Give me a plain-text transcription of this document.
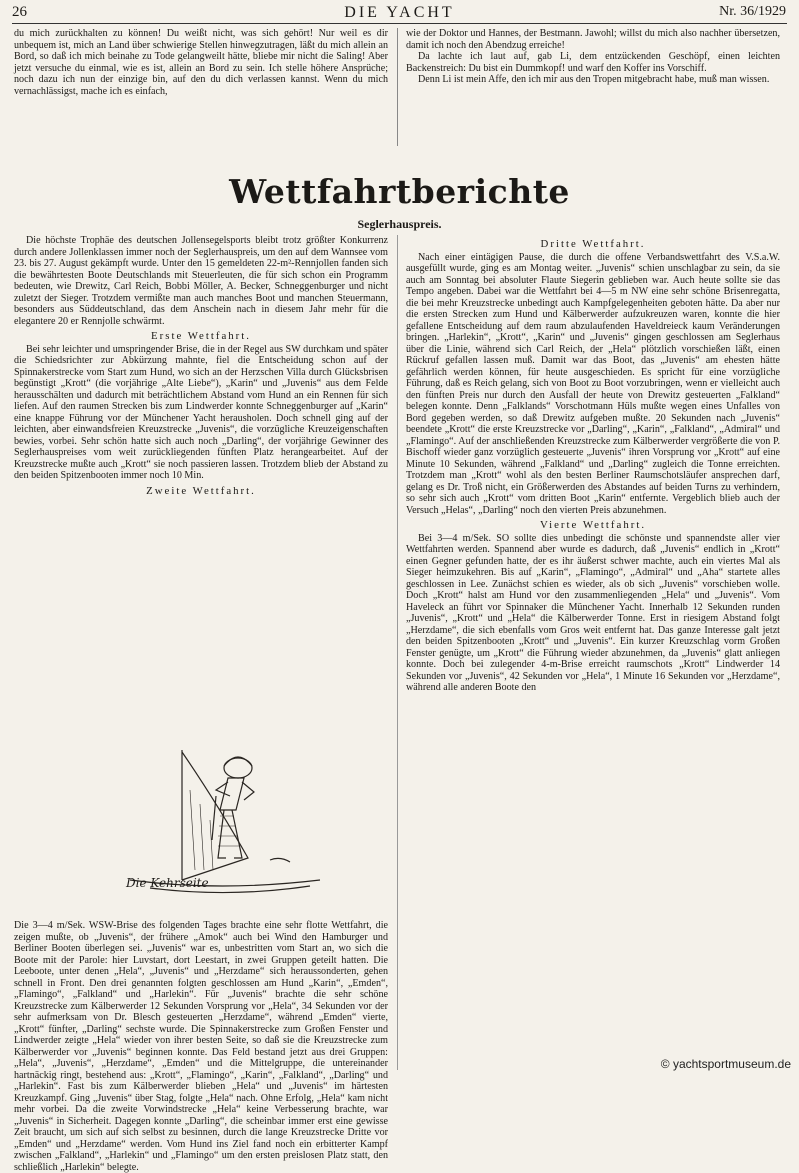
26	DIE YACHT	Nr. 36/1929

du mich zurückhalten zu können! Du weißt nicht, was sich gehört! Nur weil es dir unbequem ist, mich an Land über schwierige Stellen hinwegzutragen, läßt du mich allein an Bord, so daß ich mich beinahe zu Tode gelangweilt hätte, bliebe mir nicht die Saling! Aber jetzt versuche du einmal, wie es ist, allein an Bord zu sein. Ich stelle höhere Ansprüche; noch dazu ich nun der einzige bin, auf den du dich verlassen kannst. Wenn du mich vernachlässigst, mache ich es einfach,

wie der Doktor und Hannes, der Bestmann. Jawohl; willst du mich also nachher übersetzen, damit ich noch den Abendzug erreiche!

Da lachte ich laut auf, gab Li, dem entzückenden Geschöpf, einen leichten Backenstreich: Du bist ein Dummkopf! und warf den Koffer ins Vorschiff.

Denn Li ist mein Affe, den ich mir aus den Tropen mitgebracht habe, muß man wissen.

Wettfahrtberichte
Seglerhauspreis.

Die höchste Trophäe des deutschen Jollensegelsports bleibt trotz größter Konkurrenz durch andere Jollenklassen immer noch der Seglerhauspreis, um den auf dem Wannsee vom 23. bis 27. August gekämpft wurde. Unter den 15 gemeldeten 22-m²-Rennjollen fanden sich die bewährtesten Boote Deutschlands mit Steuerleuten, die für sich schon ein Programm bedeuten, wie Drewitz, Carl Reich, Bobbi Möller, A. Becker, Schneggenburger und nicht zuletzt der Sieger. Trotzdem vermißte man auch manches Boot und manchen Steuermann, besonders aus Süddeutschland, das dem Anschein nach in diesem Jahr mehr für die elegantere 20 er Rennjolle schwärmt.

Erste Wettfahrt.

Bei sehr leichter und umspringender Brise, die in der Regel aus SW durchkam und später die Schiedsrichter zur Abkürzung mahnte, fiel die Entscheidung schon auf der Spinnakerstrecke vom Start zum Hund, wo sich an der Herzschen Villa durch Glücksbrisen begünstigt „Krott“ (die vorjährige „Alte Liebe“), „Karin“ und „Juvenis“ aus dem Felde herausschälten und dadurch mit beträchtlichem Abstand vom Hund an ein Rennen für sich liefen. Auf den raumen Strecken bis zum Lindwerder konnte Schneggenburger auf „Karin“ eine knappe Führung vor der Münchener Yacht herausholen. Doch schnell ging auf der leichten, aber einwandsfreien Kreuzstrecke „Juvenis“, die vorzügliche Kreuzeigenschaften bewies, vorbei. Sehr schön hatte sich auch noch „Darling“, der vorjährige Gewinner des Seglerhauspreises vom weit zurückliegenden fünften Platz herangearbeitet. Auf der Kreuzstrecke mußte auch „Krott“ sie noch passieren lassen. Trotzdem blieb der Abstand zu den beiden Spitzenbooten immer noch 10 Min.

Zweite Wettfahrt.
Die Kehrseite

Die 3—4 m/Sek. WSW-Brise des folgenden Tages brachte eine sehr flotte Wettfahrt, die zeigen mußte, ob „Juvenis“, der frühere „Amok“ auch bei Wind den Hamburger und Berliner Booten überlegen sei. „Juvenis“ war es, unbestritten vom Start an, wo sich die Boote mit der Parole: hier Luvstart, dort Leestart, in zwei Gruppen geteilt hatten. Die Leeboote, unter denen „Hela“, „Juvenis“ und „Herzdame“ sich heraussonderten, gehen schnell in Front. Den drei genannten folgten geschlossen am Hund „Karin“, „Emden“, „Flamingo“, „Falkland“ und „Harlekin“. Für „Juvenis“ brachte die sehr schöne Kreuzstrecke zum Kälberwerder 12 Sekunden Vorsprung vor „Hela“, 34 Sekunden vor der sehr aufmerksam von Dr. Blesch gesteuerten „Herzdame“, während „Emden“ vierte, „Krott“ fünfter, „Darling“ sechste wurde. Die Spinnakerstrecke zum Großen Fenster und Lindwerder zeigte „Hela“ wieder von ihrer besten Seite, so daß sie die Kreuzstrecke zum Kälberwerder vor „Juvenis“ beginnen konnte. Das Feld bestand jetzt aus drei Gruppen: „Hela“, „Juvenis“, „Herzdame“, „Emden“ und die Mittelgruppe, die untereinander hartnäckig ringt, bestehend aus: „Krott“, „Flamingo“, „Karin“, „Falkland“, „Darling“ und „Harlekin“. Fast bis zum Kälberwerder blieben „Hela“ und „Juvenis“ im härtesten Kreuzkampf. Ging „Juvenis“ über Stag, folgte „Hela“ nach. Ohne Erfolg, „Hela“ kam nicht mehr vorbei. Da die zweite Vorwindstrecke „Hela“ keine Verbesserung brachte, war „Juvenis“ in Sicherheit. Dagegen konnte „Darling“, die scheinbar immer erst eine gewisse Zeit braucht, um sich auf sich selbst zu besinnen, durch die lange Kreuzstrecke Dritte vor „Emden“ und „Herzdame“ werden. Vom Hund ins Ziel fand noch ein erbitterter Kampf zwischen „Falkland“, „Harlekin“ und „Flamingo“ um den ersten preislosen Platz statt, den schließlich „Harlekin“ belegte.

Dritte Wettfahrt.

Nach einer eintägigen Pause, die durch die offene Verbandswettfahrt des V.S.a.W. ausgefüllt wurde, ging es am Montag weiter. „Juvenis“ schien unschlagbar zu sein, da sie auch am Sonntag bei absoluter Flaute Siegerin geblieben war. Auch heute sollte sie das Tempo angeben. Dabei war die Wettfahrt bei 4—5 m NW eine sehr schöne Brisenregatta, die bei mehr Kreuzstrecke unbedingt auch Kampfgelegenheiten geboten hätte. Da aber nur die ersten Strecken zum Hund und Kälberwerder aufzukreuzen waren, konnte die hier gefallene Entscheidung auf dem raum abzulaufenden Haveldreieck kaum Veränderungen bringen. „Harlekin“, „Krott“, „Karin“ und „Juvenis“ gingen geschlossen am Seglerhaus über die Linie, während sich Carl Reich, der „Hela“ plötzlich vorschießen läßt, einen Rückruf gefallen lassen muß. Damit war das Boot, das „Juvenis“ am ehesten hätte gefährlich werden können, für heute ausgeschieden. Es spricht für eine vorzügliche Führung, daß es Reich gelang, sich von Boot zu Boot vorzubringen, wenn er vielleicht auch den fünften Preis nur durch den Ausfall der heute von Drewitz gesteuerten „Falkland“ belegen konnte. Denn „Falklands“ Vorschotmann Hüls mußte wegen eines Unfalles von Bord gegeben werden, so daß Drewitz aufgeben mußte. 20 Sekunden nach „Juvenis“ beendete „Krott“ die erste Kreuzstrecke vor „Darling“, „Karin“, „Falkland“, „Admiral“ und „Flamingo“. Auf der anschließenden Kreuzstrecke zum Kälberwerder vergrößerte die von P. Bischoff wieder ganz vorzüglich gesteuerte „Juvenis“ ihren Vorsprung vor „Krott“ auf eine Minute 10 Sekunden, während „Falkland“ und „Darling“ zugleich die Tonne erreichten. Trotzdem man „Krott“ wohl als den besten Berliner Raumschotsläufer ansprechen darf, gelang es Dr. Troß nicht, ein Größerwerden des Abstandes auf beiden Turns zu verhindern, so sehr sich auch „Krott“ vom dritten Boot „Karin“ entfernte. Vergeblich blieb auch der Versuch „Helas“, „Darling“ noch den vierten Preis abzunehmen.

Vierte Wettfahrt.

Bei 3—4 m/Sek. SO sollte dies unbedingt die schönste und spannendste aller vier Wettfahrten werden. Spannend aber wurde es dadurch, daß „Juvenis“ endlich in „Krott“ einen Gegner gefunden hatte, der es ihr äußerst schwer machte, auch ein viertes Mal als Sieger heimzukehren. Bis auf „Karin“, „Flamingo“, „Admiral“ und „Aha“ startete alles geschlossen in Lee. Zunächst schien es wieder, als ob sich „Juvenis“ vorschieben wolle. Doch „Krott“ halst am Hund vor den zusammenliegenden „Hela“ und „Juvenis“. Vom Haveleck an führt vor Spinnaker die Münchener Yacht. Innerhalb 12 Sekunden runden „Juvenis“, „Krott“ und „Hela“ die Kälberwerder Tonne. Erst in riesigem Abstand folgt „Herzdame“, die sich ebenfalls vom Gros weit entfernt hat. Das ganze Interesse galt jetzt den beiden Spitzenbooten „Krott“ und „Juvenis“. Ein kurzer Kreuzschlag vorm Großen Fenster genügte, um „Krott“ die Führung wieder abzunehmen, da „Juvenis“ glatt anliegen konnte. Doch bei zulegender 4-m-Brise erreicht raumschots „Krott“ Lindwerder 14 Sekunden vor „Juvenis“, 42 Sekunden vor „Hela“, 1 Minute 16 Sekunden vor „Herzdame“, während alle anderen Boote den

© yachtsportmuseum.de
